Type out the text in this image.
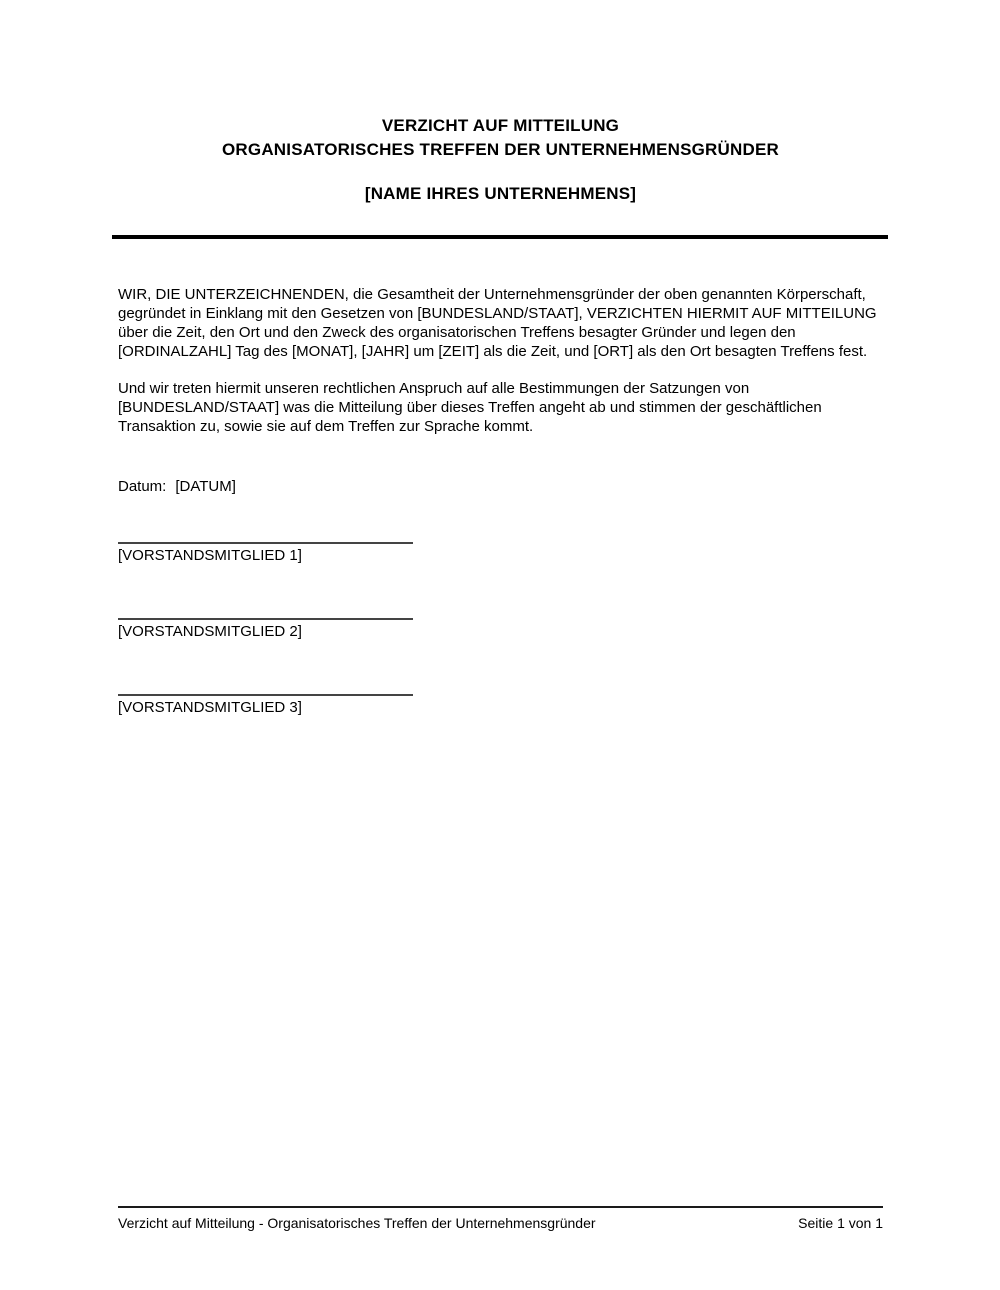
VERZICHT AUF MITTEILUNG
ORGANISATORISCHES TREFFEN DER UNTERNEHMENSGRÜNDER
[NAME IHRES UNTERNEHMENS]

WIR, DIE UNTERZEICHNENDEN, die Gesamtheit der Unternehmensgründer der oben genannten Körperschaft, gegründet in Einklang mit den Gesetzen von [BUNDESLAND/STAAT], VERZICHTEN HIERMIT AUF MITTEILUNG über die Zeit, den Ort und den Zweck des organisatorischen Treffens besagter Gründer und legen den [ORDINALZAHL] Tag des [MONAT], [JAHR] um [ZEIT] als die Zeit, und [ORT] als den Ort besagten Treffens fest.

Und wir treten hiermit unseren rechtlichen Anspruch auf alle Bestimmungen der Satzungen von [BUNDESLAND/STAAT] was die Mitteilung über dieses Treffen angeht ab und stimmen der geschäftlichen Transaktion zu, sowie sie auf dem Treffen zur Sprache kommt.

Datum: [DATUM]
[VORSTANDSMITGLIED 1]
[VORSTANDSMITGLIED 2]
[VORSTANDSMITGLIED 3]
Verzicht auf Mitteilung - Organisatorisches Treffen der Unternehmensgründer	Seitie 1 von 1
